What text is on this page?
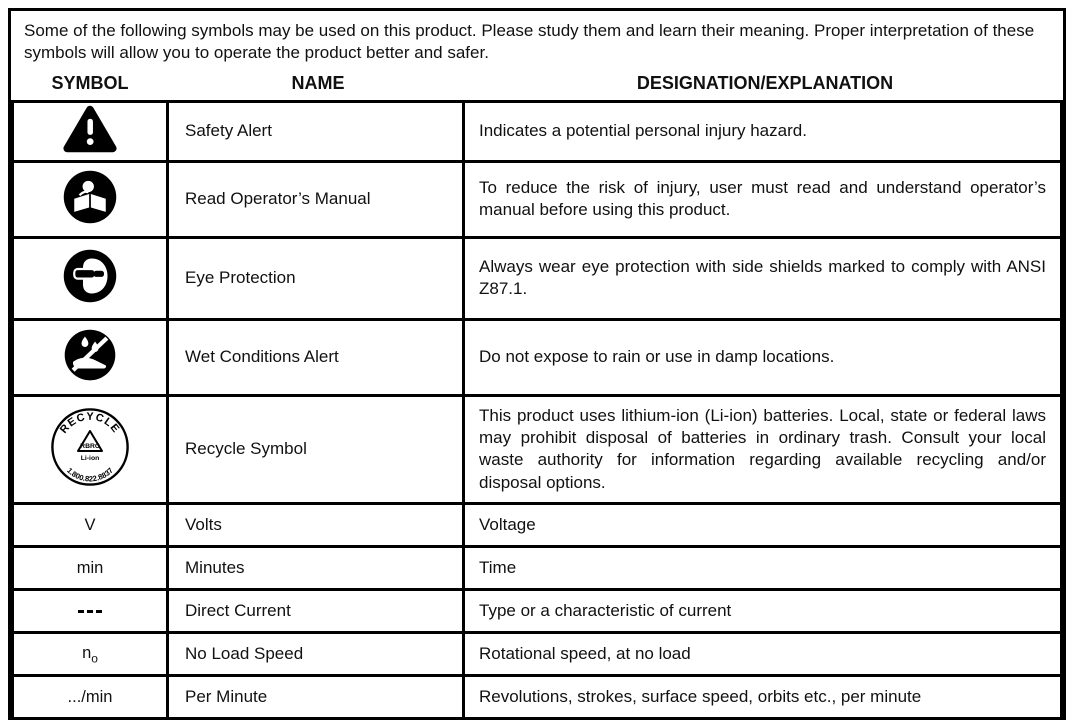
Some of the following symbols may be used on this product. Please study them and learn their meaning. Proper interpretation of these symbols will allow you to operate the product better and safer.
SYMBOL	NAME	DESIGNATION/EXPLANATION
	Safety Alert	Indicates a potential personal injury hazard.

	Read Operator’s Manual	To reduce the risk of injury, user must read and understand operator’s manual before using this product.

	Eye Protection	Always wear eye protection with side shields marked to comply with ANSI Z87.1.

	Wet Conditions Alert	Do not expose to rain or use in damp locations.

RECYCLE
RBRC
Li-ion
1.800.822.8837
	Recycle Symbol	This product uses lithium-ion (Li-ion) batteries. Local, state or federal laws may prohibit disposal of batteries in ordinary trash. Consult your local waste authority for information regarding available recycling and/or disposal options.
V	Volts	Voltage
min	Minutes	Time

	Direct Current	Type or a characteristic of current
$n_o$	No Load Speed	Rotational speed, at no load
.../min	Per Minute	Revolutions, strokes, surface speed, orbits etc., per minute
